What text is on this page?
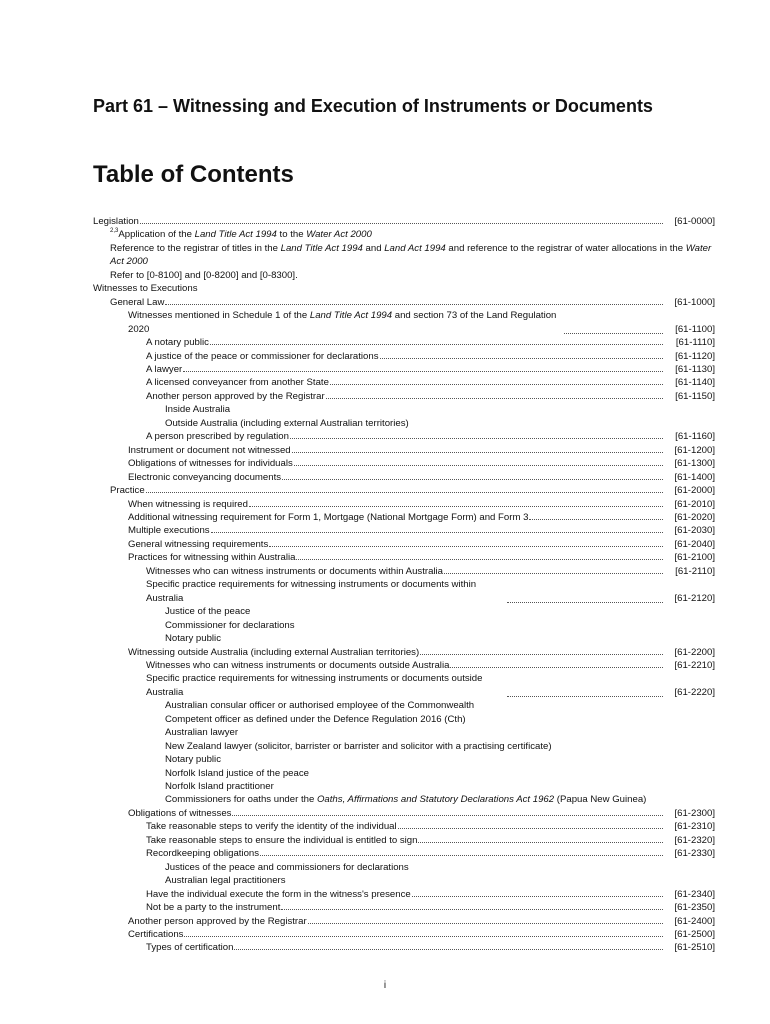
Part 61 – Witnessing and Execution of Instruments or Documents
Table of Contents
Legislation	[61-0000]
$^{2,3}$Application of the Land Title Act 1994 to the Water Act 2000
Reference to the registrar of titles in the Land Title Act 1994 and Land Act 1994 and reference to the registrar of water allocations in the Water Act 2000
Refer to [0-8100] and [0-8200] and [0-8300].
Witnesses to Executions
General Law	[61-1000]
Witnesses mentioned in Schedule 1 of the Land Title Act 1994 and section 73 of the Land Regulation 2020	[61-1100]
A notary public	[61-1110]
A justice of the peace or commissioner for declarations	[61-1120]
A lawyer	[61-1130]
A licensed conveyancer from another State	[61-1140]
Another person approved by the Registrar	[61-1150]
Inside Australia
Outside Australia (including external Australian territories)
A person prescribed by regulation	[61-1160]
Instrument or document not witnessed	[61-1200]
Obligations of witnesses for individuals	[61-1300]
Electronic conveyancing documents	[61-1400]
Practice	[61-2000]
When witnessing is required	[61-2010]
Additional witnessing requirement for Form 1, Mortgage (National Mortgage Form) and Form 3	[61-2020]
Multiple executions	[61-2030]
General witnessing requirements	[61-2040]
Practices for witnessing within Australia	[61-2100]
Witnesses who can witness instruments or documents within Australia	[61-2110]
Specific practice requirements for witnessing instruments or documents within Australia	[61-2120]
Justice of the peace
Commissioner for declarations
Notary public
Witnessing outside Australia (including external Australian territories)	[61-2200]
Witnesses who can witness instruments or documents outside Australia	[61-2210]
Specific practice requirements for witnessing instruments or documents outside Australia	[61-2220]
Australian consular officer or authorised employee of the Commonwealth
Competent officer as defined under the Defence Regulation 2016 (Cth)
Australian lawyer
New Zealand lawyer (solicitor, barrister or barrister and solicitor with a practising certificate)
Notary public
Norfolk Island justice of the peace
Norfolk Island practitioner
Commissioners for oaths under the Oaths, Affirmations and Statutory Declarations Act 1962 (Papua New Guinea)
Obligations of witnesses	[61-2300]
Take reasonable steps to verify the identity of the individual	[61-2310]
Take reasonable steps to ensure the individual is entitled to sign	[61-2320]
Recordkeeping obligations	[61-2330]
Justices of the peace and commissioners for declarations
Australian legal practitioners
Have the individual execute the form in the witness's presence	[61-2340]
Not be a party to the instrument	[61-2350]
Another person approved by the Registrar	[61-2400]
Certifications	[61-2500]
Types of certification	[61-2510]
i
